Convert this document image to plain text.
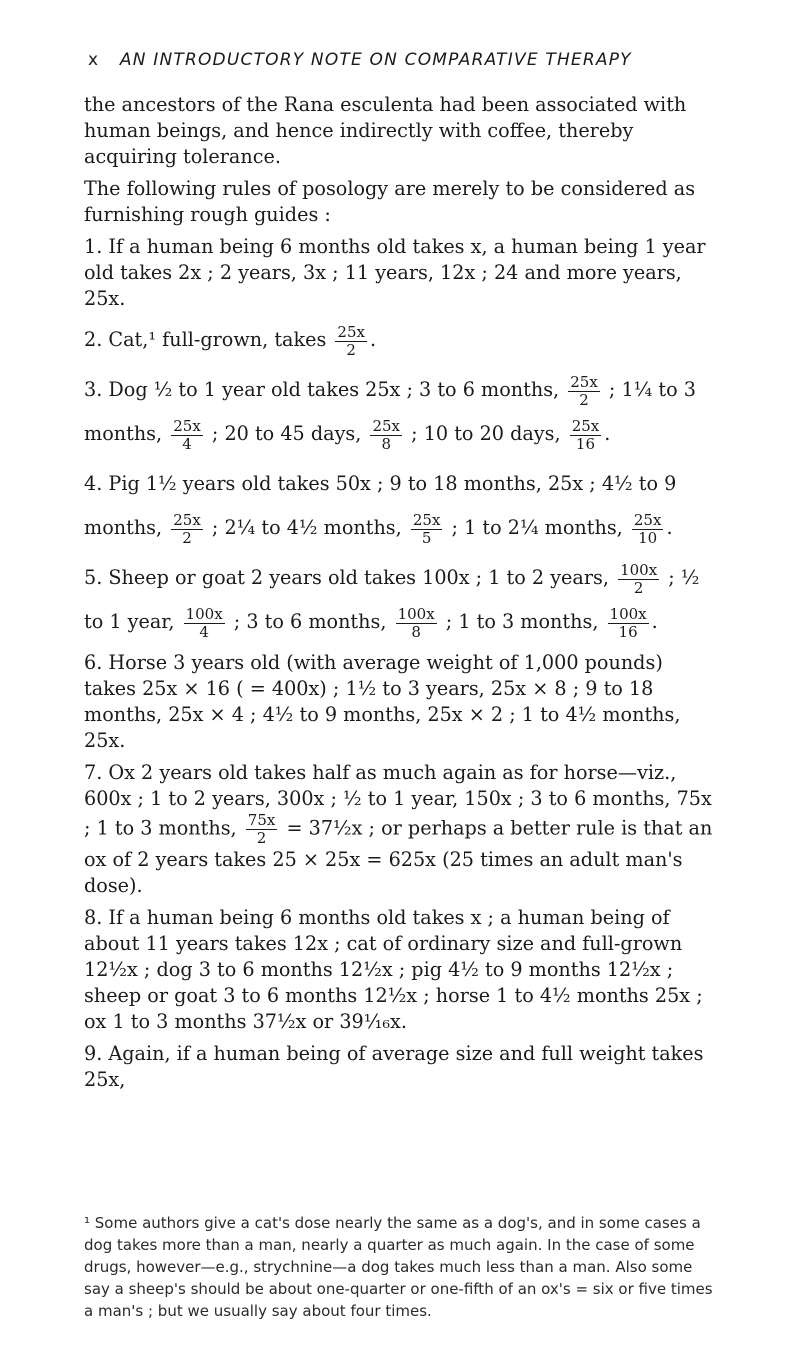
x AN INTRODUCTORY NOTE ON COMPARATIVE THERAPY

the ancestors of the Rana esculenta had been associated with human beings, and hence indirectly with coffee, thereby acquiring tolerance.

The following rules of posology are merely to be considered as furnishing rough guides :

1. If a human being 6 months old takes x, a human being 1 year old takes 2x ; 2 years, 3x ; 11 years, 12x ; 24 and more years, 25x.

2. Cat,¹ full-grown, takes $\frac{25x}{2}$ .

3. Dog ½ to 1 year old takes 25x ; 3 to 6 months, $\frac{25x}{2}$ ; 1¼ to 3 months, $\frac{25x}{4}$ ; 20 to 45 days, $\frac{25x}{8}$ ; 10 to 20 days, $\frac{25x}{16}$ .

4. Pig 1½ years old takes 50x ; 9 to 18 months, 25x ; 4½ to 9 months, $\frac{25x}{2}$ ; 2¼ to 4½ months, $\frac{25x}{5}$ ; 1 to 2¼ months, $\frac{25x}{10}$ .

5. Sheep or goat 2 years old takes 100x ; 1 to 2 years, $\frac{100x}{2}$ ; ½ to 1 year, $\frac{100x}{4}$ ; 3 to 6 months, $\frac{100x}{8}$ ; 1 to 3 months, $\frac{100x}{16}$ .

6. Horse 3 years old (with average weight of 1,000 pounds) takes 25x × 16 ( = 400x) ; 1½ to 3 years, 25x × 8 ; 9 to 18 months, 25x × 4 ; 4½ to 9 months, 25x × 2 ; 1 to 4½ months, 25x.

7. Ox 2 years old takes half as much again as for horse—viz., 600x ; 1 to 2 years, 300x ; ½ to 1 year, 150x ; 3 to 6 months, 75x ; 1 to 3 months, $\frac{75x}{2}$ = 37½x ; or perhaps a better rule is that an ox of 2 years takes 25 × 25x = 625x (25 times an adult man's dose).

8. If a human being 6 months old takes x ; a human being of about 11 years takes 12x ; cat of ordinary size and full-grown 12½x ; dog 3 to 6 months 12½x ; pig 4½ to 9 months 12½x ; sheep or goat 3 to 6 months 12½x ; horse 1 to 4½ months 25x ; ox 1 to 3 months 37½x or 39¹⁄₁₆x.

9. Again, if a human being of average size and full weight takes 25x,

¹ Some authors give a cat's dose nearly the same as a dog's, and in some cases a dog takes more than a man, nearly a quarter as much again. In the case of some drugs, however—e.g., strychnine—a dog takes much less than a man. Also some say a sheep's should be about one-quarter or one-fifth of an ox's = six or five times a man's ; but we usually say about four times.
